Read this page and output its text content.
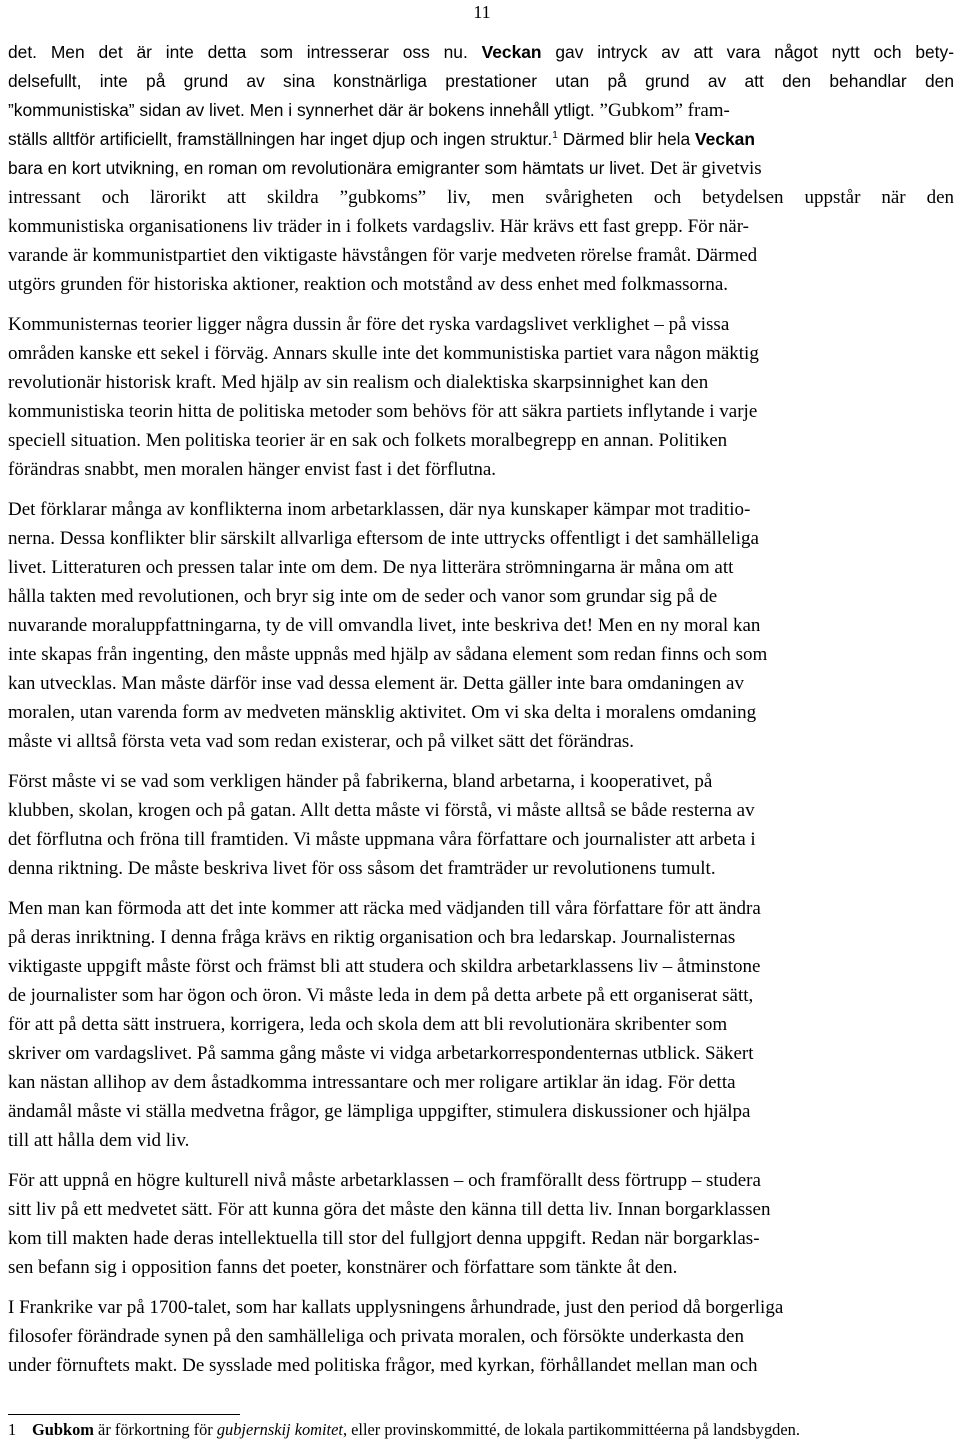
11
det. Men det är inte detta som intresserar oss nu. Veckan gav intryck av att vara något nytt och bety-
delsefullt, inte på grund av sina konstnärliga prestationer utan på grund av att den behandlar den
”kommunistiska” sidan av livet. Men i synnerhet där är bokens innehåll ytligt. ”Gubkom” fram-
ställs alltför artificiellt, framställningen har inget djup och ingen struktur.$^1$ Därmed blir hela Veckan
bara en kort utvikning, en roman om revolutionära emigranter som hämtats ur livet. Det är givetvis
intressant och lärorikt att skildra ”gubkoms” liv, men svårigheten och betydelsen uppstår när den
kommunistiska organisationens liv träder in i folkets vardagsliv. Här krävs ett fast grepp. För när-
varande är kommunistpartiet den viktigaste hävstången för varje medveten rörelse framåt. Därmed
utgörs grunden för historiska aktioner, reaktion och motstånd av dess enhet med folkmassorna.
Kommunisternas teorier ligger några dussin år före det ryska vardagslivet verklighet – på vissa
områden kanske ett sekel i förväg. Annars skulle inte det kommunistiska partiet vara någon mäktig
revolutionär historisk kraft. Med hjälp av sin realism och dialektiska skarpsinnighet kan den
kommunistiska teorin hitta de politiska metoder som behövs för att säkra partiets inflytande i varje
speciell situation. Men politiska teorier är en sak och folkets moralbegrepp en annan. Politiken
förändras snabbt, men moralen hänger envist fast i det förflutna.
Det förklarar många av konflikterna inom arbetarklassen, där nya kunskaper kämpar mot traditio-
nerna. Dessa konflikter blir särskilt allvarliga eftersom de inte uttrycks offentligt i det samhälleliga
livet. Litteraturen och pressen talar inte om dem. De nya litterära strömningarna är måna om att
hålla takten med revolutionen, och bryr sig inte om de seder och vanor som grundar sig på de
nuvarande moraluppfattningarna, ty de vill omvandla livet, inte beskriva det! Men en ny moral kan
inte skapas från ingenting, den måste uppnås med hjälp av sådana element som redan finns och som
kan utvecklas. Man måste därför inse vad dessa element är. Detta gäller inte bara omdaningen av
moralen, utan varenda form av medveten mänsklig aktivitet. Om vi ska delta i moralens omdaning
måste vi alltså första veta vad som redan existerar, och på vilket sätt det förändras.
Först måste vi se vad som verkligen händer på fabrikerna, bland arbetarna, i kooperativet, på
klubben, skolan, krogen och på gatan. Allt detta måste vi förstå, vi måste alltså se både resterna av
det förflutna och fröna till framtiden. Vi måste uppmana våra författare och journalister att arbeta i
denna riktning. De måste beskriva livet för oss såsom det framträder ur revolutionens tumult.
Men man kan förmoda att det inte kommer att räcka med vädjanden till våra författare för att ändra
på deras inriktning. I denna fråga krävs en riktig organisation och bra ledarskap. Journalisternas
viktigaste uppgift måste först och främst bli att studera och skildra arbetarklassens liv – åtminstone
de journalister som har ögon och öron. Vi måste leda in dem på detta arbete på ett organiserat sätt,
för att på detta sätt instruera, korrigera, leda och skola dem att bli revolutionära skribenter som
skriver om vardagslivet. På samma gång måste vi vidga arbetarkorrespondenternas utblick. Säkert
kan nästan allihop av dem åstadkomma intressantare och mer roligare artiklar än idag. För detta
ändamål måste vi ställa medvetna frågor, ge lämpliga uppgifter, stimulera diskussioner och hjälpa
till att hålla dem vid liv.
För att uppnå en högre kulturell nivå måste arbetarklassen – och framförallt dess förtrupp – studera
sitt liv på ett medvetet sätt. För att kunna göra det måste den känna till detta liv. Innan borgarklassen
kom till makten hade deras intellektuella till stor del fullgjort denna uppgift. Redan när borgarklas-
sen befann sig i opposition fanns det poeter, konstnärer och författare som tänkte åt den.
I Frankrike var på 1700-talet, som har kallats upplysningens århundrade, just den period då borgerliga
filosofer förändrade synen på den samhälleliga och privata moralen, och försökte underkasta den
under förnuftets makt. De sysslade med politiska frågor, med kyrkan, förhållandet mellan man och
1 Gubkom är förkortning för gubjernskij komitet, eller provinskommitté, de lokala partikommittéerna på landsbygden.
